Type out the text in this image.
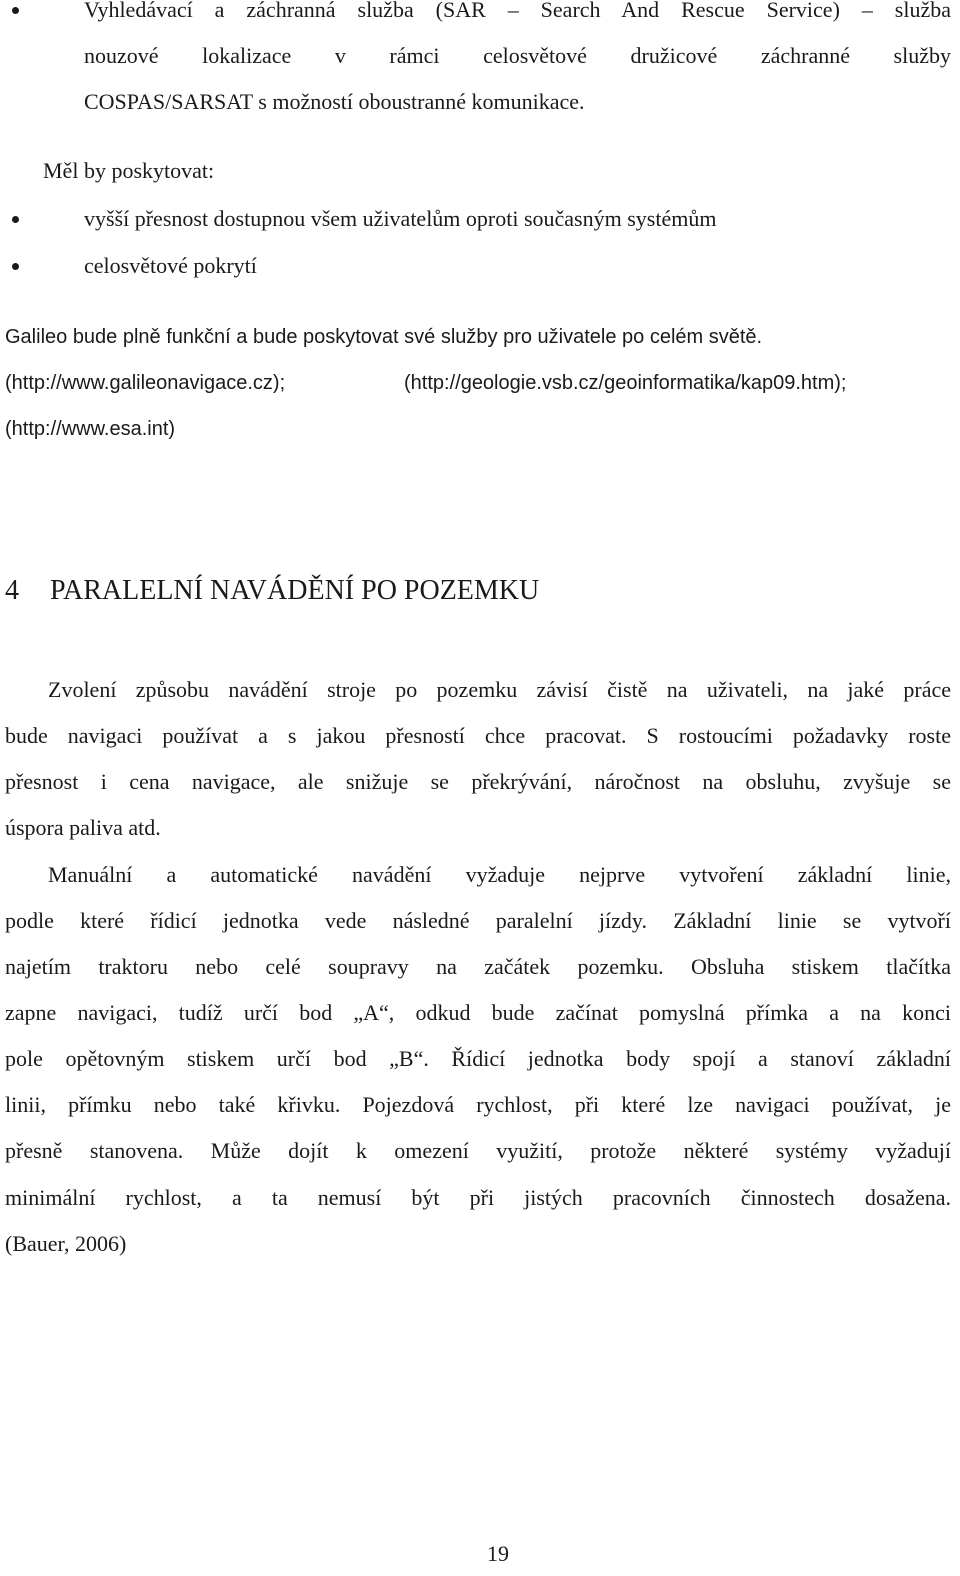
Vyhledávací a záchranná služba (SAR – Search And Rescue Service) – služba
nouzové lokalizace v rámci celosvětové družicové záchranné služby
COSPAS/SARSAT s možností oboustranné komunikace.
Měl by poskytovat:
vyšší přesnost dostupnou všem uživatelům oproti současným systémům
celosvětové pokrytí
Galileo bude plně funkční a bude poskytovat své služby pro uživatele po celém světě.
(http://www.galileonavigace.cz);	(http://geologie.vsb.cz/geoinformatika/kap09.htm);
(http://www.esa.int)
4 PARALELNÍ NAVÁDĚNÍ PO POZEMKU
Zvolení způsobu navádění stroje po pozemku závisí čistě na uživateli, na jaké práce
bude navigaci používat a s jakou přesností chce pracovat. S rostoucími požadavky roste
přesnost i cena navigace, ale snižuje se překrývání, náročnost na obsluhu, zvyšuje se
úspora paliva atd.
Manuální a automatické navádění vyžaduje nejprve vytvoření základní linie,
podle které řídicí jednotka vede následné paralelní jízdy. Základní linie se vytvoří
najetím traktoru nebo celé soupravy na začátek pozemku. Obsluha stiskem tlačítka
zapne navigaci, tudíž určí bod „A“, odkud bude začínat pomyslná přímka a na konci
pole opětovným stiskem určí bod „B“. Řídicí jednotka body spojí a stanoví základní
linii, přímku nebo také křivku. Pojezdová rychlost, při které lze navigaci používat, je
přesně stanovena. Může dojít k omezení využití, protože některé systémy vyžadují
minimální rychlost, a ta nemusí být při jistých pracovních činnostech dosažena.
(Bauer, 2006)
19
